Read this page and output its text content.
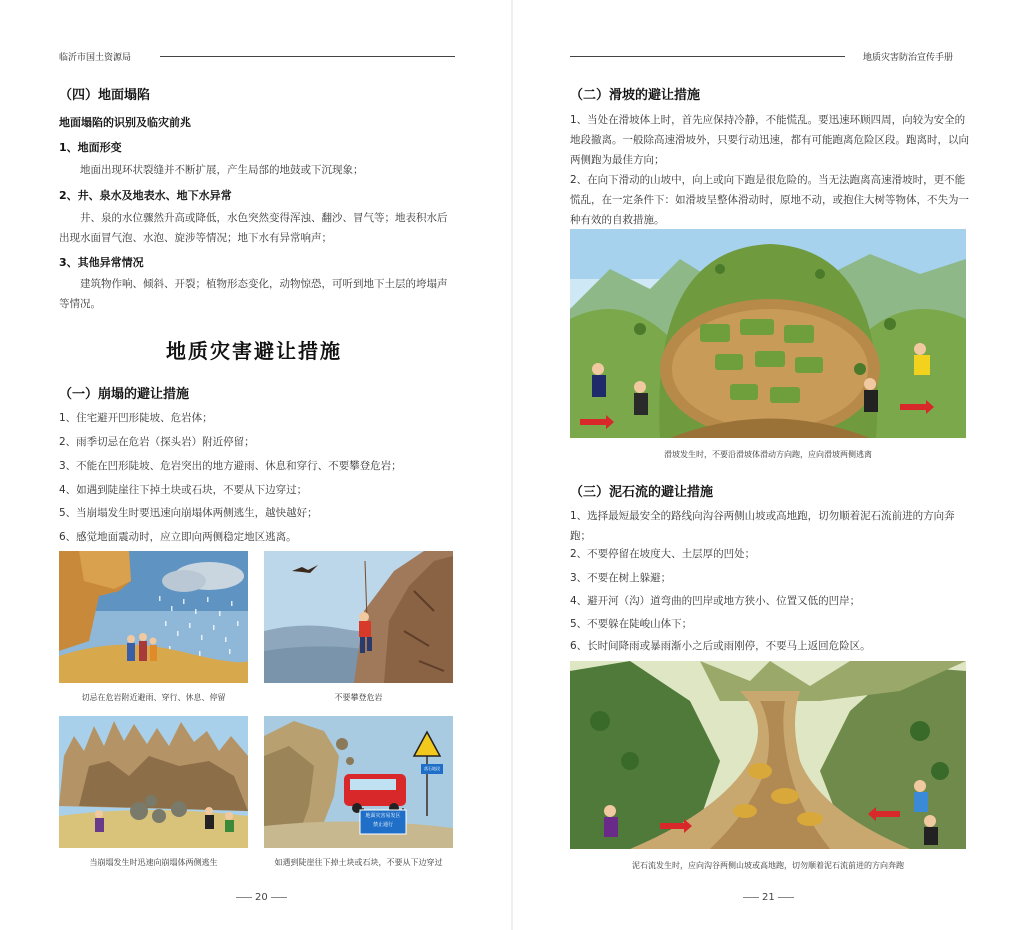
临沂市国土资源局
（四）地面塌陷
地面塌陷的识别及临灾前兆
1、地面形变
地面出现环状裂缝并不断扩展，产生局部的地鼓或下沉现象；
2、井、泉水及地表水、地下水异常
井、泉的水位骤然升高或降低，水色突然变得浑浊、翻沙、冒气等；地表积水后出现水面冒气泡、水泡、旋涉等情况；地下水有异常响声；
3、其他异常情况
建筑物作响、倾斜、开裂；植物形态变化，动物惊恐，可听到地下土层的垮塌声等情况。
地质灾害避让措施
（一）崩塌的避让措施
1、住宅避开凹形陡坡、危岩体；
2、雨季切忌在危岩（探头岩）附近停留；
3、不能在凹形陡坡、危岩突出的地方避雨、休息和穿行、不要攀登危岩；
4、如遇到陡崖往下掉土块或石块，不要从下边穿过；
5、当崩塌发生时要迅速向崩塌体两侧逃生，越快越好；
6、感觉地面震动时，应立即向两侧稳定地区逃离。
切忌在危岩附近避雨、穿行、休息、停留	不要攀登危岩
当崩塌发生时迅速向崩塌体两侧逃生
落石地段
地面灾害易发区
禁止通行
如遇到陡崖往下掉土块或石块，不要从下边穿过
20
地质灾害防治宣传手册
（二）滑坡的避让措施
1、当处在滑坡体上时，首先应保持冷静，不能慌乱。要迅速环顾四周，向较为安全的地段撤离。一般除高速滑坡外，只要行动迅速，都有可能跑离危险区段。跑离时，以向两侧跑为最佳方向；
2、在向下滑动的山坡中，向上或向下跑是很危险的。当无法跑离高速滑坡时，更不能慌乱，在一定条件下：如滑坡呈整体滑动时，原地不动，或抱住大树等物体，不失为一种有效的自救措施。
滑坡发生时，不要沿滑坡体滑动方向跑，应向滑坡两侧逃离
（三）泥石流的避让措施
1、选择最短最安全的路线向沟谷两侧山坡或高地跑，切勿顺着泥石流前进的方向奔跑；
2、不要停留在坡度大、土层厚的凹处；
3、不要在树上躲避；
4、避开河（沟）道弯曲的凹岸或地方狭小、位置又低的凹岸；
5、不要躲在陡峻山体下；
6、长时间降雨或暴雨渐小之后或雨刚停，不要马上返回危险区。
泥石流发生时，应向沟谷两侧山坡或高地跑，切勿顺着泥石流前进的方向奔跑
21
